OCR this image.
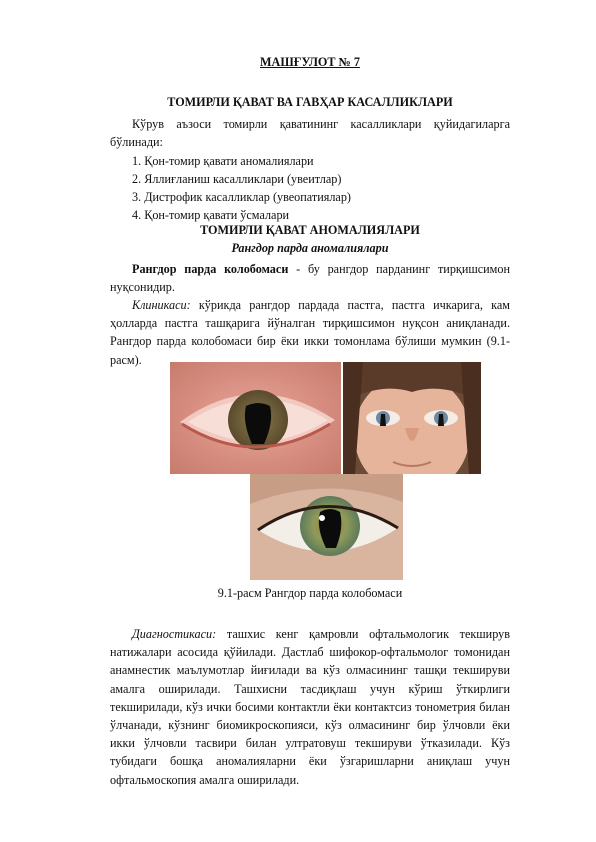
МАШҒУЛОТ № 7
ТОМИРЛИ ҚАВАТ ВА ГАВҲАР КАСАЛЛИКЛАРИ
Кўрув аъзоси томирли қаватининг касалликлари қуйидагиларга бўлинади:
1. Қон-томир қавати аномалиялари
2. Яллиғланиш касалликлари (увеитлар)
3. Дистрофик касалликлар (увеопатиялар)
4. Қон-томир қавати ўсмалари
ТОМИРЛИ ҚАВАТ АНОМАЛИЯЛАРИ
Рангдор парда аномалиялари
Рангдор парда колобомаси - бу рангдор парданинг тирқишсимон нуқсонидир.
Клиникаси: кўрикда рангдор пардада пастга, пастга ичкарига, кам ҳолларда пастга ташқарига йўналган тирқишсимон нуқсон аниқланади. Рангдор парда колобомаси бир ёки икки томонлама бўлиши мумкин (9.1-расм).
9.1-расм Рангдор парда колобомаси
Диагностикаси: ташхис кенг қамровли офтальмологик текширув натижалари асосида қўйилади. Дастлаб шифокор-офтальмолог томонидан анамнестик маълумотлар йиғилади ва кўз олмасининг ташқи текшируви амалга оширилади. Ташхисни тасдиқлаш учун кўриш ўткирлиги текширилади, кўз ички босими контактли ёки контактсиз тонометрия билан ўлчанади, кўзнинг биомикроскопияси, кўз олмасининг бир ўлчовли ёки икки ўлчовли тасвири билан ултратовуш текшируви ўтказилади. Кўз тубидаги бошқа аномалияларни ёки ўзгаришларни аниқлаш учун офтальмоскопия амалга оширилади.
